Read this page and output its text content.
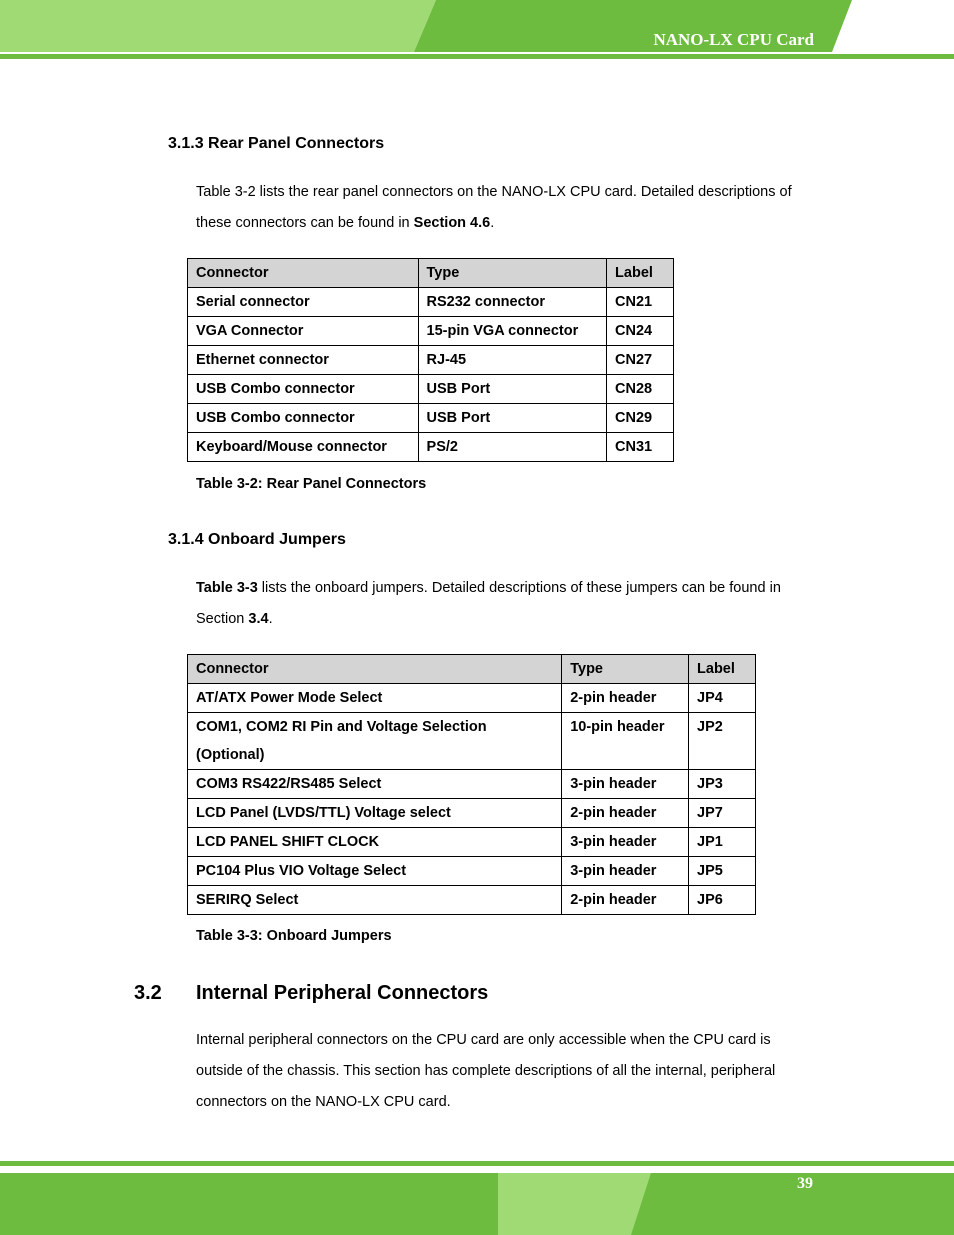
NANO-LX CPU Card
3.1.3 Rear Panel Connectors
Table 3-2 lists the rear panel connectors on the NANO-LX CPU card. Detailed descriptions of these connectors can be found in Section 4.6.
Connector	Type	Label
Serial connector	RS232 connector	CN21
VGA Connector	15-pin VGA connector	CN24
Ethernet connector	RJ-45	CN27
USB Combo connector	USB Port	CN28
USB Combo connector	USB Port	CN29
Keyboard/Mouse connector	PS/2	CN31
Table 3-2: Rear Panel Connectors
3.1.4 Onboard Jumpers
Table 3-3 lists the onboard jumpers. Detailed descriptions of these jumpers can be found in Section 3.4.
Connector	Type	Label
AT/ATX Power Mode Select	2-pin header	JP4
COM1, COM2 RI Pin and Voltage Selection (Optional)	10-pin header	JP2
COM3 RS422/RS485 Select	3-pin header	JP3
LCD Panel (LVDS/TTL) Voltage select	2-pin header	JP7
LCD PANEL SHIFT CLOCK	3-pin header	JP1
PC104 Plus VIO Voltage Select	3-pin header	JP5
SERIRQ Select	2-pin header	JP6
Table 3-3: Onboard Jumpers
3.2 Internal Peripheral Connectors
Internal peripheral connectors on the CPU card are only accessible when the CPU card is outside of the chassis. This section has complete descriptions of all the internal, peripheral connectors on the NANO-LX CPU card.
39
